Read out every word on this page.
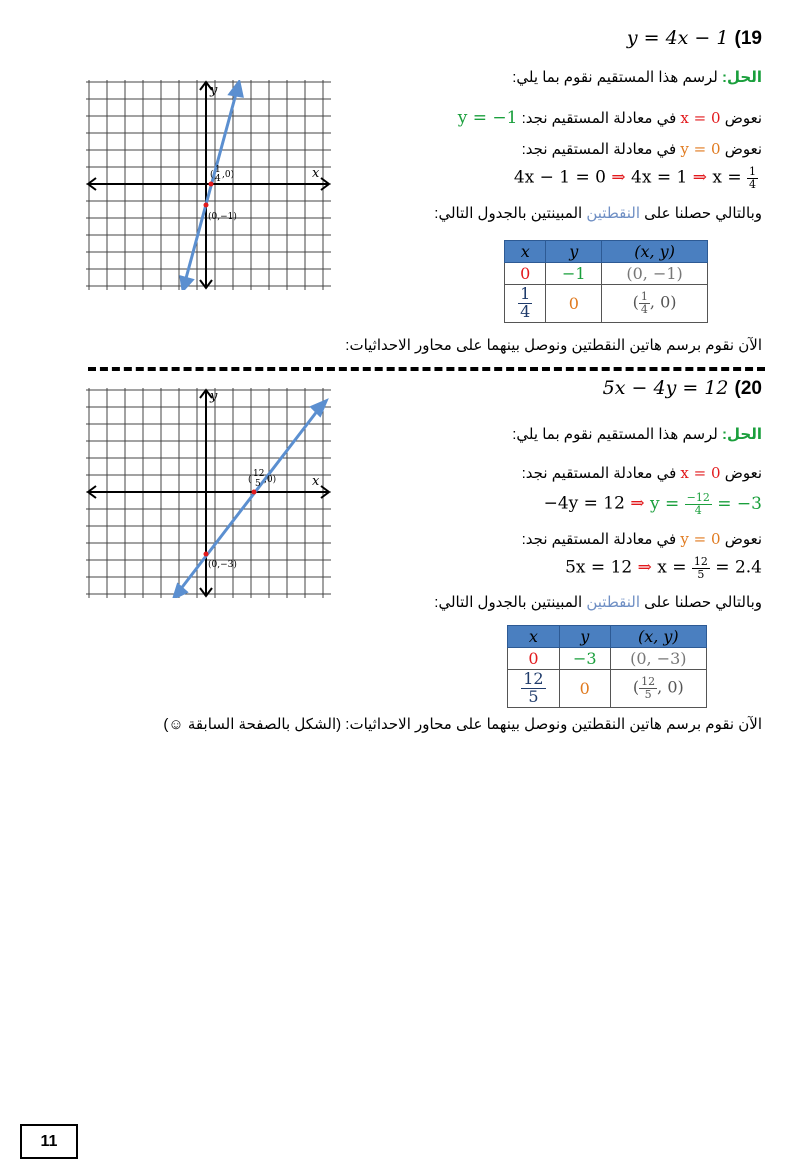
y = 4x − 1 (19
الحل: لرسم هذا المستقيم نقوم بما يلي:
نعوض x = 0 في معادلة المستقيم نجد: y = −1
نعوض y = 0 في معادلة المستقيم نجد:
4x − 1 = 0 ⇒ 4x = 1 ⇒ $x = \frac{1}{4}$
وبالتالي حصلنا على النقطتين المبينتين بالجدول التالي:
x	y	(x, y)
0	−1	(0, −1)

$\frac{1}{4}$	0	( $\frac{1}{4}$ , 0)
الآن نقوم برسم هاتين النقطتين ونوصل بينهما على محاور الاحداثيات:
y
x
(0,−1)
( 1
4 ,0)
5x − 4y = 12 (20
الحل: لرسم هذا المستقيم نقوم بما يلي:
نعوض x = 0 في معادلة المستقيم نجد:
−4y = 12 ⇒ $y = \frac{-12}{4} = -3$
نعوض y = 0 في معادلة المستقيم نجد:
5x = 12 ⇒ $x = \frac{12}{5} = 2.4$
وبالتالي حصلنا على النقطتين المبينتين بالجدول التالي:
x	y	(x, y)
0	−3	(0, −3)

$\frac{12}{5}$	0	( $\frac{12}{5}$ , 0)
الآن نقوم برسم هاتين النقطتين ونوصل بينهما على محاور الاحداثيات: (الشكل بالصفحة السابقة ☺)
y
x
(0,−3)
(
12
5 ,0)
11
